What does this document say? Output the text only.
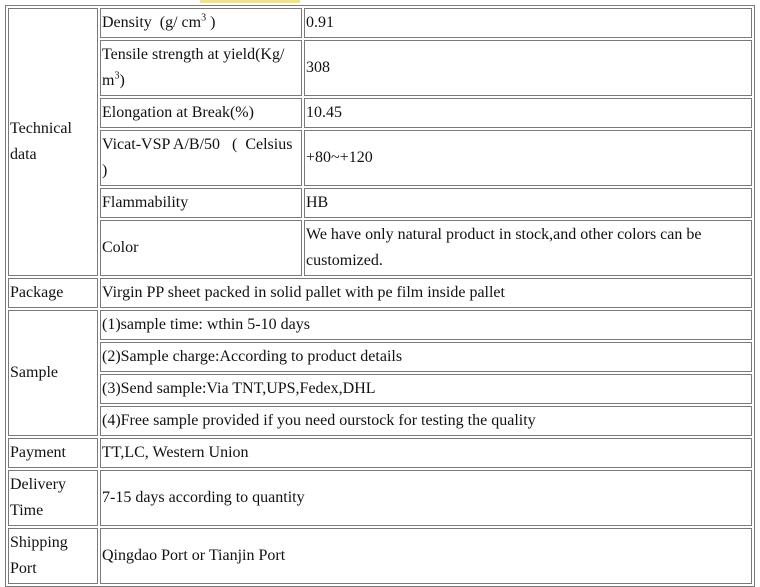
Technical data	Density  (g/ $cm^3$ )	0.91
	Tensile strength at yield(Kg/ $m^3$)	308
	Elongation at Break(%)	10.45
	Vicat-VSP A/B/50   (  Celsius )	+80~+120
	Flammability	HB
	Color	We have only natural product in stock,and other colors can be customized.
Package	Virgin PP sheet packed in solid pallet with pe film inside pallet	
Sample	(1)sample time: wthin 5-10 days	
	(2)Sample charge:According to product details	
	(3)Send sample:Via TNT,UPS,Fedex,DHL	
	(4)Free sample provided if you need ourstock for testing the quality	
Payment	TT,LC, Western Union	
Delivery Time	7-15 days according to quantity	
Shipping Port	Qingdao Port or Tianjin Port	
